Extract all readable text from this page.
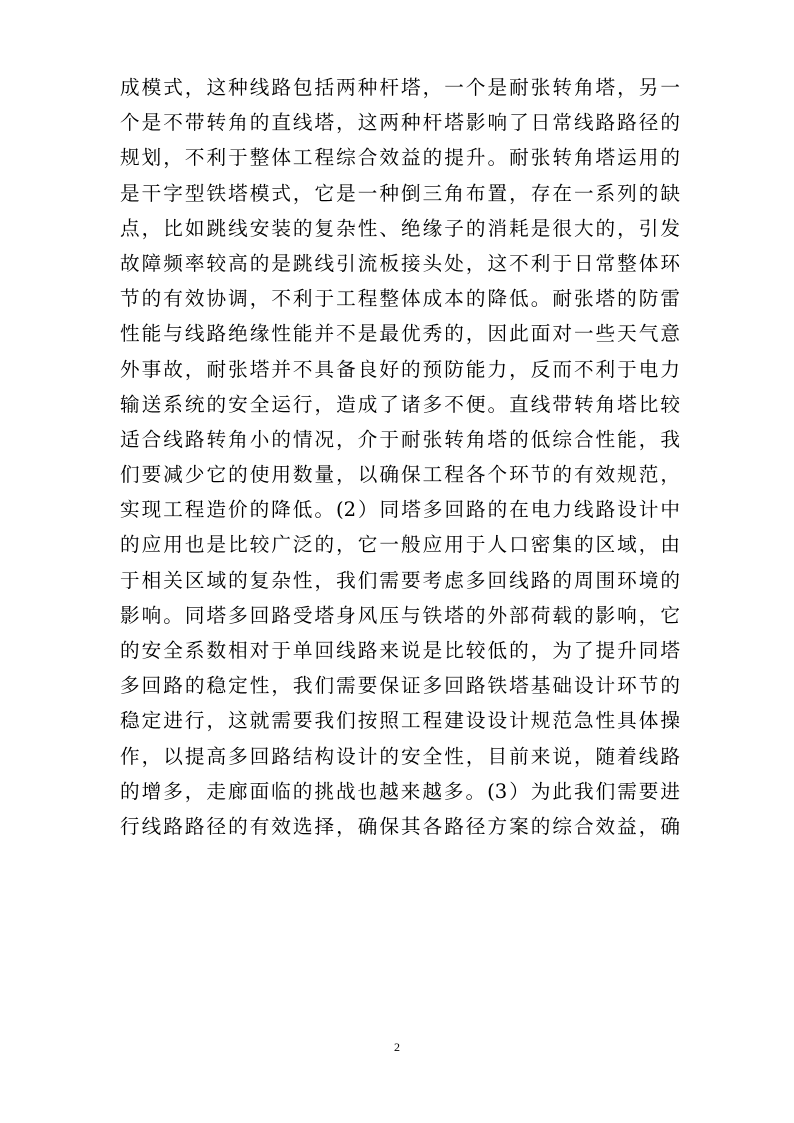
成模式，这种线路包括两种杆塔，一个是耐张转角塔，另一
个是不带转角的直线塔，这两种杆塔影响了日常线路路径的
规划，不利于整体工程综合效益的提升。耐张转角塔运用的
是干字型铁塔模式，它是一种倒三角布置，存在一系列的缺
点，比如跳线安装的复杂性、绝缘子的消耗是很大的，引发
故障频率较高的是跳线引流板接头处，这不利于日常整体环
节的有效协调，不利于工程整体成本的降低。耐张塔的防雷
性能与线路绝缘性能并不是最优秀的，因此面对一些天气意
外事故，耐张塔并不具备良好的预防能力，反而不利于电力
输送系统的安全运行，造成了诸多不便。直线带转角塔比较
适合线路转角小的情况，介于耐张转角塔的低综合性能，我
们要减少它的使用数量，以确保工程各个环节的有效规范，
实现工程造价的降低。(2）同塔多回路的在电力线路设计中
的应用也是比较广泛的，它一般应用于人口密集的区域，由
于相关区域的复杂性，我们需要考虑多回线路的周围环境的
影响。同塔多回路受塔身风压与铁塔的外部荷载的影响，它
的安全系数相对于单回线路来说是比较低的，为了提升同塔
多回路的稳定性，我们需要保证多回路铁塔基础设计环节的
稳定进行，这就需要我们按照工程建设设计规范急性具体操
作，以提高多回路结构设计的安全性，目前来说，随着线路
的增多，走廊面临的挑战也越来越多。(3）为此我们需要进
行线路路径的有效选择，确保其各路径方案的综合效益，确
2
